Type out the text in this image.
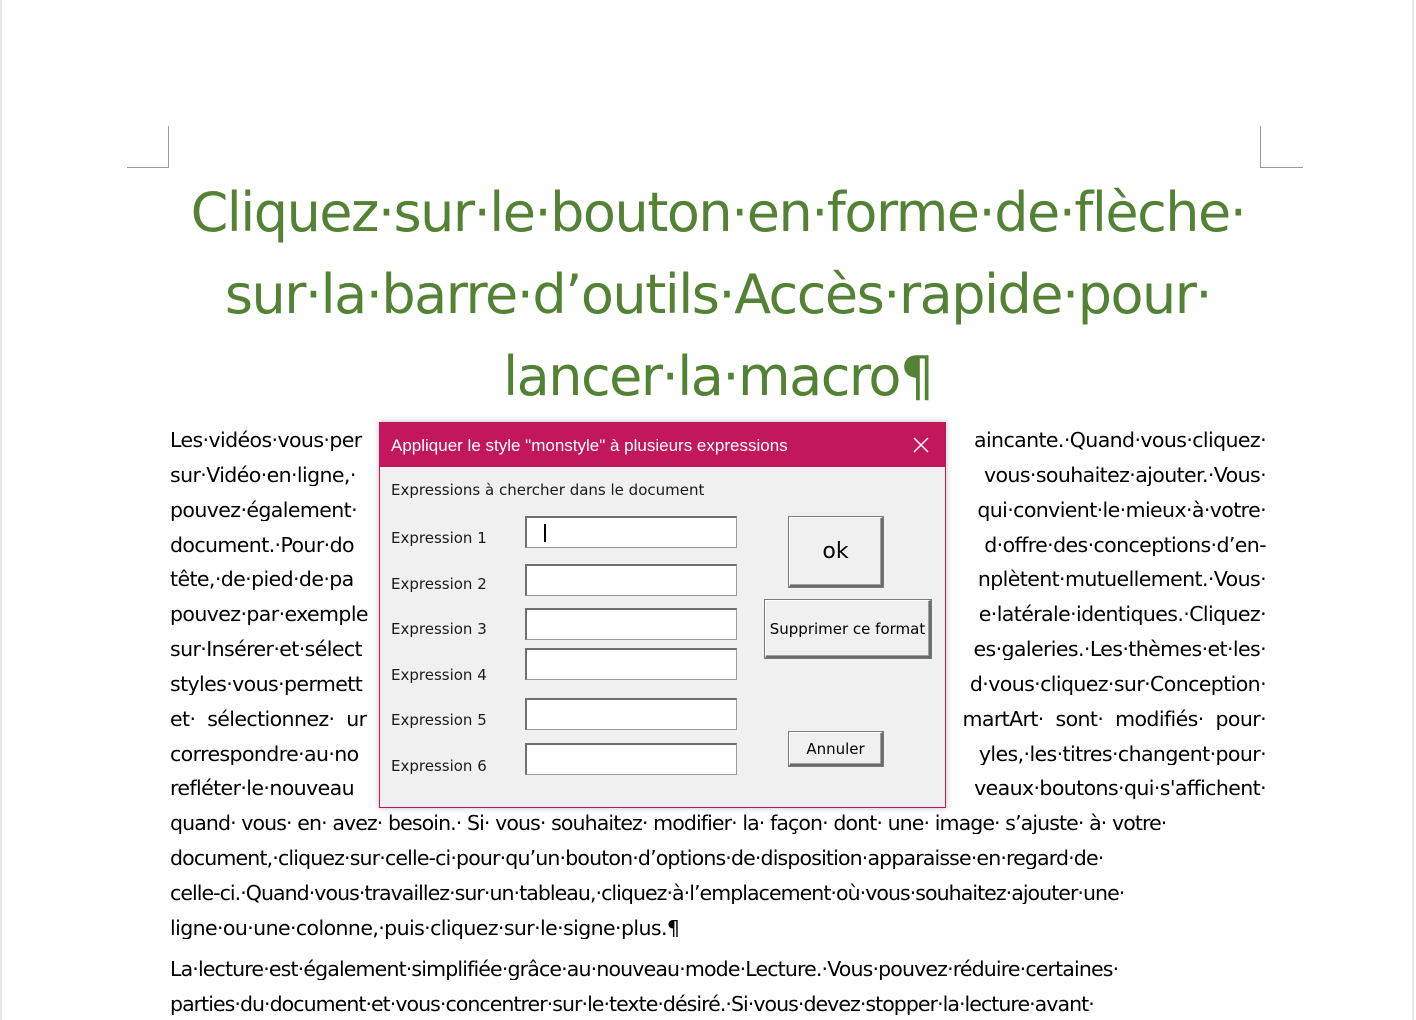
Cliquez·sur·le·bouton·en·forme·de·flèche·
sur·la·barre·d’outils·Accès·rapide·pour·
lancer·la·macro¶
Les·vidéos·vous·per	aincante.·Quand·vous·cliquez·
sur·Vidéo·en·ligne,·	vous·souhaitez·ajouter.·Vous·
pouvez·également·	qui·convient·le·mieux·à·votre·
document.·Pour·do	d·offre·des·conceptions·d’en-
tête,·de·pied·de·pa	nplètent·mutuellement.·Vous·
pouvez·par·exemple	e·latérale·identiques.·Cliquez·
sur·Insérer·et·sélect	es·galeries.·Les·thèmes·et·les·
styles·vous·permett	d·vous·cliquez·sur·Conception·
et·  sélectionnez·  ur	martArt·  sont·  modifiés·  pour·
correspondre·au·no	yles,·les·titres·changent·pour·
refléter·le·nouveau	veaux·boutons·qui·s'affichent·
quand· vous· en· avez· besoin.· Si· vous· souhaitez· modifier· la· façon· dont· une· image· s’ajuste· à· votre·
document,·cliquez·sur·celle-ci·pour·qu’un·bouton·d’options·de·disposition·apparaisse·en·regard·de·
celle-ci.·Quand·vous·travaillez·sur·un·tableau,·cliquez·à·l’emplacement·où·vous·souhaitez·ajouter·une·
ligne·ou·une·colonne,·puis·cliquez·sur·le·signe·plus.¶
La·lecture·est·également·simplifiée·grâce·au·nouveau·mode·Lecture.·Vous·pouvez·réduire·certaines·
parties·du·document·et·vous·concentrer·sur·le·texte·désiré.·Si·vous·devez·stopper·la·lecture·avant·
Appliquer le style "monstyle" à plusieurs expressions
Expressions à chercher dans le document
Expression 1
Expression 2
Expression 3
Expression 4
Expression 5
Expression 6
ok
Supprimer ce format
Annuler
